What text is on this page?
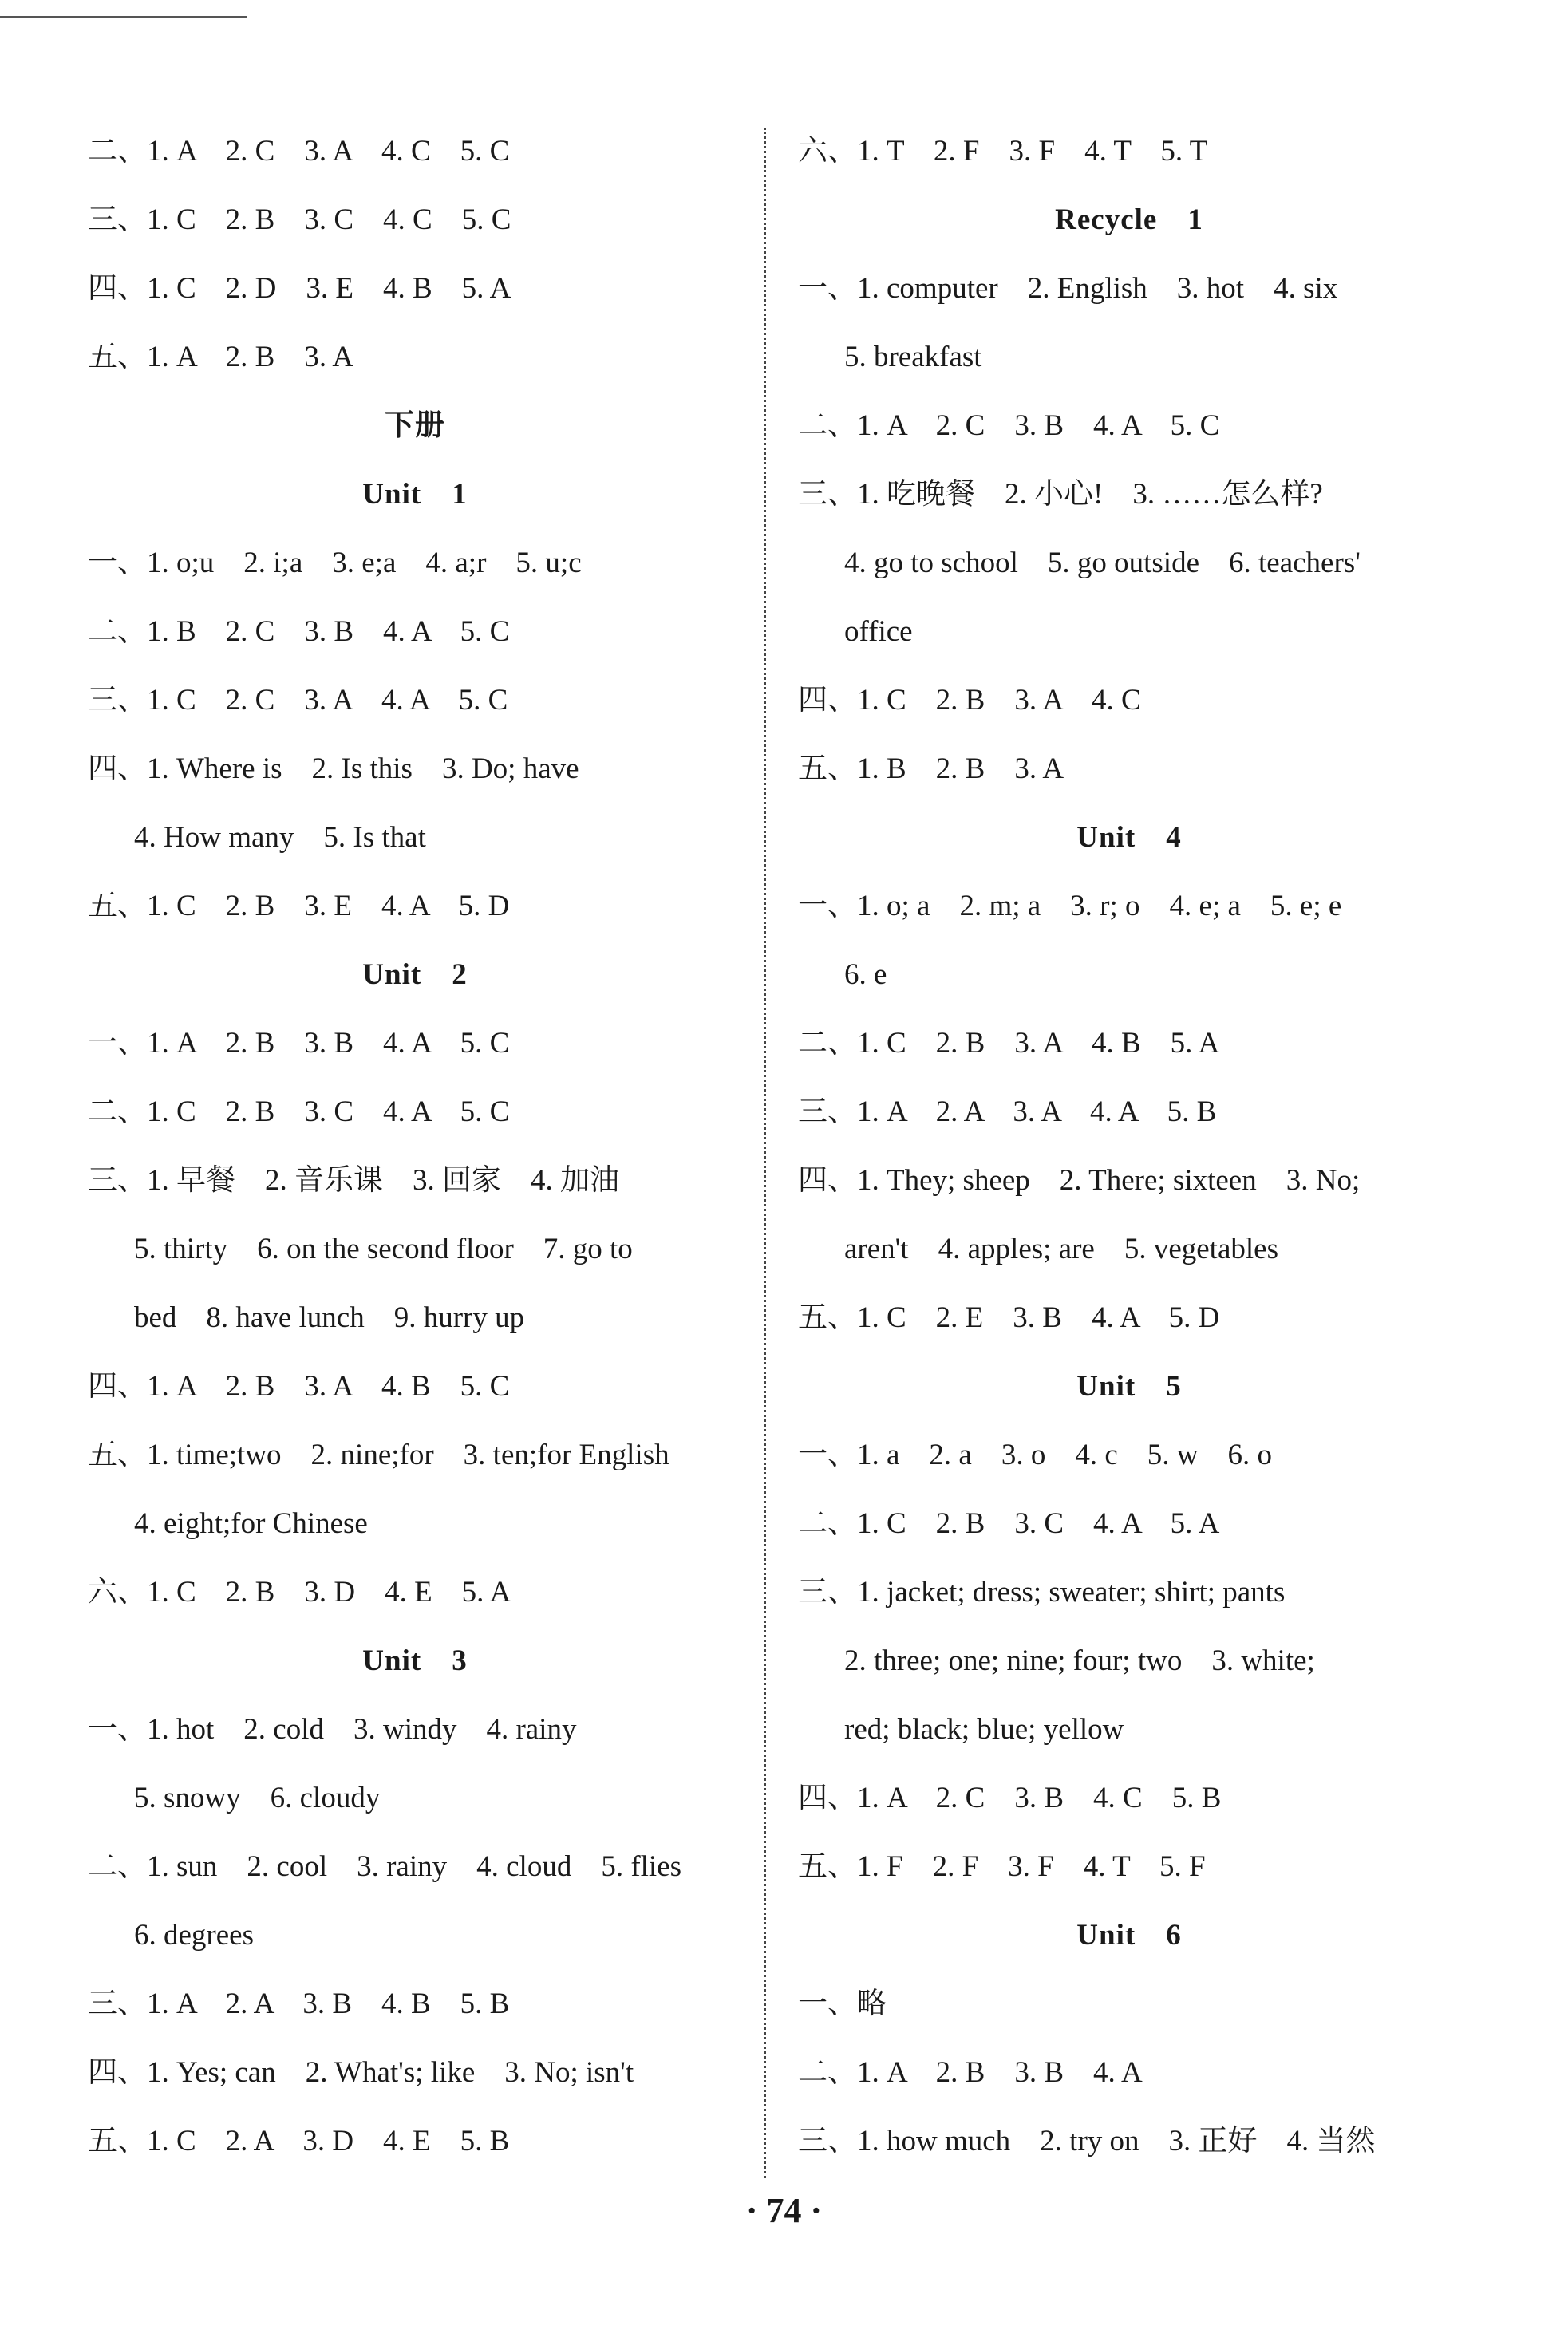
二、1. A　2. C　3. A　4. C　5. C
三、1. C　2. B　3. C　4. C　5. C
四、1. C　2. D　3. E　4. B　5. A
五、1. A　2. B　3. A
下册
Unit　1
一、1. o;u　2. i;a　3. e;a　4. a;r　5. u;c
二、1. B　2. C　3. B　4. A　5. C
三、1. C　2. C　3. A　4. A　5. C
四、1. Where is　2. Is this　3. Do; have
4. How many　5. Is that
五、1. C　2. B　3. E　4. A　5. D
Unit　2
一、1. A　2. B　3. B　4. A　5. C
二、1. C　2. B　3. C　4. A　5. C
三、1. 早餐　2. 音乐课　3. 回家　4. 加油
5. thirty　6. on the second floor　7. go to
bed　8. have lunch　9. hurry up
四、1. A　2. B　3. A　4. B　5. C
五、1. time;two　2. nine;for　3. ten;for English
4. eight;for Chinese
六、1. C　2. B　3. D　4. E　5. A
Unit　3
一、1. hot　2. cold　3. windy　4. rainy
5. snowy　6. cloudy
二、1. sun　2. cool　3. rainy　4. cloud　5. flies
6. degrees
三、1. A　2. A　3. B　4. B　5. B
四、1. Yes; can　2. What's; like　3. No; isn't
五、1. C　2. A　3. D　4. E　5. B
六、1. T　2. F　3. F　4. T　5. T
Recycle　1
一、1. computer　2. English　3. hot　4. six
5. breakfast
二、1. A　2. C　3. B　4. A　5. C
三、1. 吃晚餐　2. 小心!　3. ……怎么样?
4. go to school　5. go outside　6. teachers'
office
四、1. C　2. B　3. A　4. C
五、1. B　2. B　3. A
Unit　4
一、1. o; a　2. m; a　3. r; o　4. e; a　5. e; e
6. e
二、1. C　2. B　3. A　4. B　5. A
三、1. A　2. A　3. A　4. A　5. B
四、1. They; sheep　2. There; sixteen　3. No;
aren't　4. apples; are　5. vegetables
五、1. C　2. E　3. B　4. A　5. D
Unit　5
一、1. a　2. a　3. o　4. c　5. w　6. o
二、1. C　2. B　3. C　4. A　5. A
三、1. jacket; dress; sweater; shirt; pants
2. three; one; nine; four; two　3. white;
red; black; blue; yellow
四、1. A　2. C　3. B　4. C　5. B
五、1. F　2. F　3. F　4. T　5. F
Unit　6
一、略
二、1. A　2. B　3. B　4. A
三、1. how much　2. try on　3. 正好　4. 当然
· 74 ·
